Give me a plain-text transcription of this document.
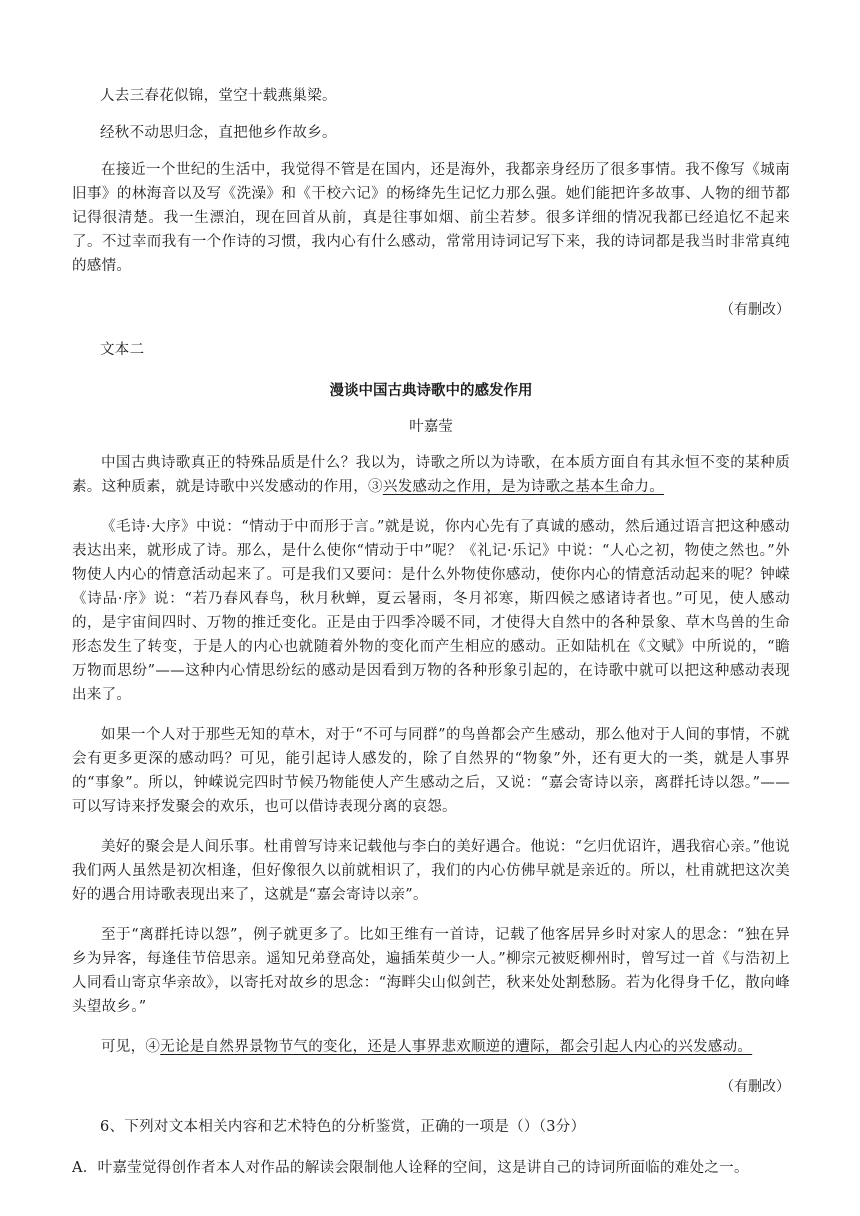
人去三春花似锦，堂空十载燕巢梁。

经秋不动思归念，直把他乡作故乡。

在接近一个世纪的生活中，我觉得不管是在国内，还是海外，我都亲身经历了很多事情。我不像写《城南旧事》的林海音以及写《洗澡》和《干校六记》的杨绛先生记忆力那么强。她们能把许多故事、人物的细节都记得很清楚。我一生漂泊，现在回首从前，真是往事如烟、前尘若梦。很多详细的情况我都已经追忆不起来了。不过幸而我有一个作诗的习惯，我内心有什么感动，常常用诗词记写下来，我的诗词都是我当时非常真纯的感情。

（有删改）

文本二

漫谈中国古典诗歌中的感发作用

叶嘉莹

中国古典诗歌真正的特殊品质是什么？我以为，诗歌之所以为诗歌，在本质方面自有其永恒不变的某种质素。这种质素，就是诗歌中兴发感动的作用，③兴发感动之作用，是为诗歌之基本生命力。

《毛诗·大序》中说：“情动于中而形于言。”就是说，你内心先有了真诚的感动，然后通过语言把这种感动表达出来，就形成了诗。那么，是什么使你“情动于中”呢？《礼记·乐记》中说：“人心之初，物使之然也。”外物使人内心的情意活动起来了。可是我们又要问：是什么外物使你感动，使你内心的情意活动起来的呢？钟嵘《诗品·序》说：“若乃春风春鸟，秋月秋蝉，夏云暑雨，冬月祁寒，斯四候之感诸诗者也。”可见，使人感动的，是宇宙间四时、万物的推迁变化。正是由于四季冷暖不同，才使得大自然中的各种景象、草木鸟兽的生命形态发生了转变，于是人的内心也就随着外物的变化而产生相应的感动。正如陆机在《文赋》中所说的，“瞻万物而思纷”——这种内心情思纷纭的感动是因看到万物的各种形象引起的，在诗歌中就可以把这种感动表现出来了。

如果一个人对于那些无知的草木，对于“不可与同群”的鸟兽都会产生感动，那么他对于人间的事情，不就会有更多更深的感动吗？可见，能引起诗人感发的，除了自然界的“物象”外，还有更大的一类，就是人事界的“事象”。所以，钟嵘说完四时节候乃物能使人产生感动之后，又说：“嘉会寄诗以亲，离群托诗以怨。”——可以写诗来抒发聚会的欢乐，也可以借诗表现分离的哀怨。

美好的聚会是人间乐事。杜甫曾写诗来记载他与李白的美好遇合。他说：“乞归优诏许，遇我宿心亲。”他说我们两人虽然是初次相逢，但好像很久以前就相识了，我们的内心仿佛早就是亲近的。所以，杜甫就把这次美好的遇合用诗歌表现出来了，这就是“嘉会寄诗以亲”。

至于“离群托诗以怨”，例子就更多了。比如王维有一首诗，记载了他客居异乡时对家人的思念：“独在异乡为异客，每逢佳节倍思亲。遥知兄弟登高处，遍插茱萸少一人。”柳宗元被贬柳州时，曾写过一首《与浩初上人同看山寄京华亲故》，以寄托对故乡的思念：“海畔尖山似剑芒，秋来处处割愁肠。若为化得身千亿，散向峰头望故乡。”

可见，④无论是自然界景物节气的变化，还是人事界悲欢顺逆的遭际，都会引起人内心的兴发感动。

（有删改）

6、下列对文本相关内容和艺术特色的分析鉴赏，正确的一项是（）（3分）

A．叶嘉莹觉得创作者本人对作品的解读会限制他人诠释的空间，这是讲自己的诗词所面临的难处之一。
